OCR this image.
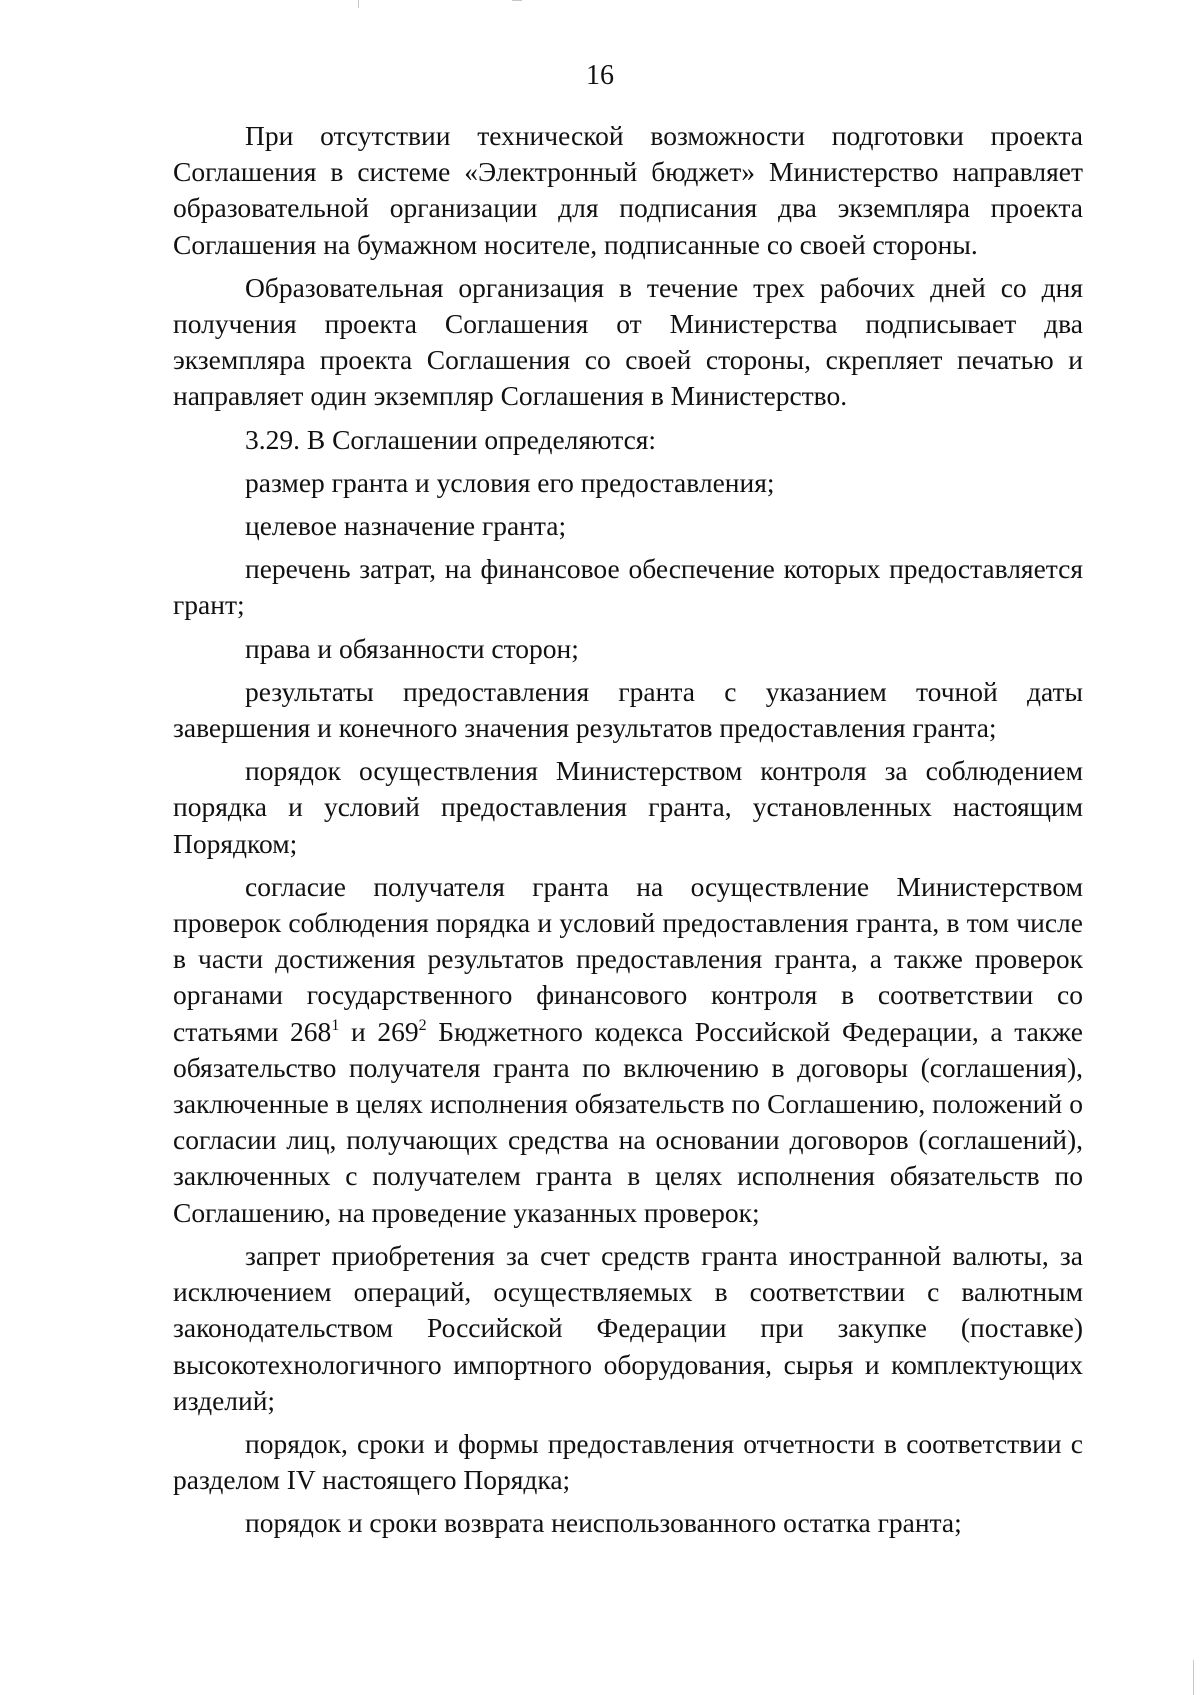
16

При отсутствии технической возможности подготовки проекта Соглашения в системе «Электронный бюджет» Министерство направляет образовательной организации для подписания два экземпляра проекта Соглашения на бумажном носителе, подписанные со своей стороны.

Образовательная организация в течение трех рабочих дней со дня получения проекта Соглашения от Министерства подписывает два экземпляра проекта Соглашения со своей стороны, скрепляет печатью и направляет один экземпляр Соглашения в Министерство.

3.29. В Соглашении определяются:

размер гранта и условия его предоставления;

целевое назначение гранта;

перечень затрат, на финансовое обеспечение которых предоставляется грант;

права и обязанности сторон;

результаты предоставления гранта с указанием точной даты завершения и конечного значения результатов предоставления гранта;

порядок осуществления Министерством контроля за соблюдением порядка и условий предоставления гранта, установленных настоящим Порядком;

согласие получателя гранта на осуществление Министерством проверок соблюдения порядка и условий предоставления гранта, в том числе в части достижения результатов предоставления гранта, а также проверок органами государственного финансового контроля в соответствии со статьями $268^1$ и $269^2$ Бюджетного кодекса Российской Федерации, а также обязательство получателя гранта по включению в договоры (соглашения), заключенные в целях исполнения обязательств по Соглашению, положений о согласии лиц, получающих средства на основании договоров (соглашений), заключенных с получателем гранта в целях исполнения обязательств по Соглашению, на проведение указанных проверок;

запрет приобретения за счет средств гранта иностранной валюты, за исключением операций, осуществляемых в соответствии с валютным законодательством Российской Федерации при закупке (поставке) высокотехнологичного импортного оборудования, сырья и комплектующих изделий;

порядок, сроки и формы предоставления отчетности в соответствии с разделом IV настоящего Порядка;

порядок и сроки возврата неиспользованного остатка гранта;
